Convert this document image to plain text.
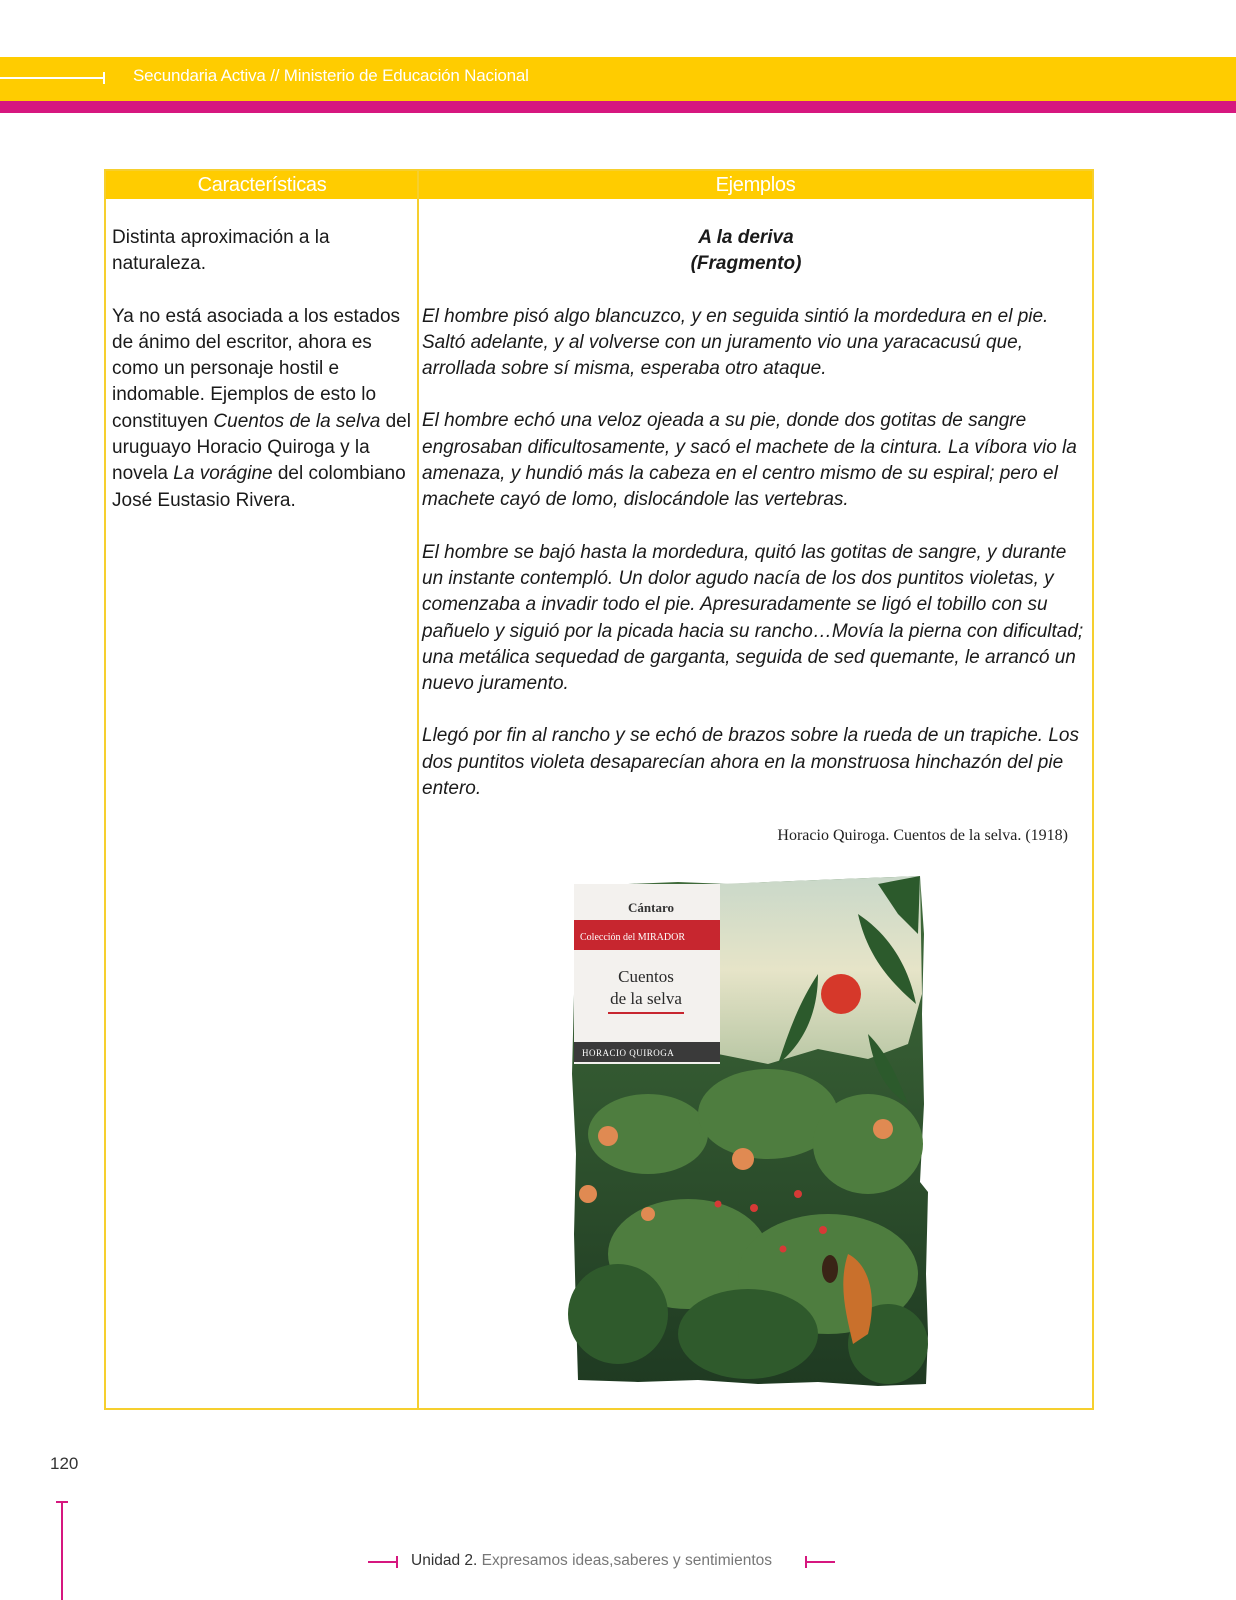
Secundaria Activa // Ministerio de Educación Nacional
Características	Ejemplos

Distinta aproximación a la naturaleza.

Ya no está asociada a los estados de ánimo del escritor, ahora es como un personaje hostil e indomable. Ejemplos de esto lo constituyen Cuentos de la selva del uruguayo Horacio Quiroga y la novela La vorágine del colombiano José Eustasio Rivera.

A la deriva

(Fragmento)

El hombre pisó algo blancuzco, y en seguida sintió la mordedura en el pie. Saltó adelante, y al volverse con un juramento vio una yaracacusú que, arrollada sobre sí misma, esperaba otro ataque.

El hombre echó una veloz ojeada a su pie, donde dos gotitas de sangre engrosaban dificultosamente, y sacó el machete de la cintura. La víbora vio la amenaza, y hundió más la cabeza en el centro mismo de su espiral; pero el machete cayó de lomo, dislocándole las vertebras.

El hombre se bajó hasta la mordedura, quitó las gotitas de sangre, y durante un instante contempló. Un dolor agudo nacía de los dos puntitos violetas, y comenzaba a invadir todo el pie. Apresuradamente se ligó el tobillo con su pañuelo y siguió por la picada hacia su rancho…Movía la pierna con dificultad; una metálica sequedad de garganta, seguida de sed quemante, le arrancó un nuevo juramento.

Llegó por fin al rancho y se echó de brazos sobre la rueda de un trapiche. Los dos puntitos violeta desaparecían ahora en la monstruosa hinchazón del pie entero.

Horacio Quiroga. Cuentos de la selva. (1918)
Cántaro
Colección del MIRADOR
Cuentos
de la selva
HORACIO QUIROGA
120
Unidad 2. Expresamos ideas,saberes y sentimientos
